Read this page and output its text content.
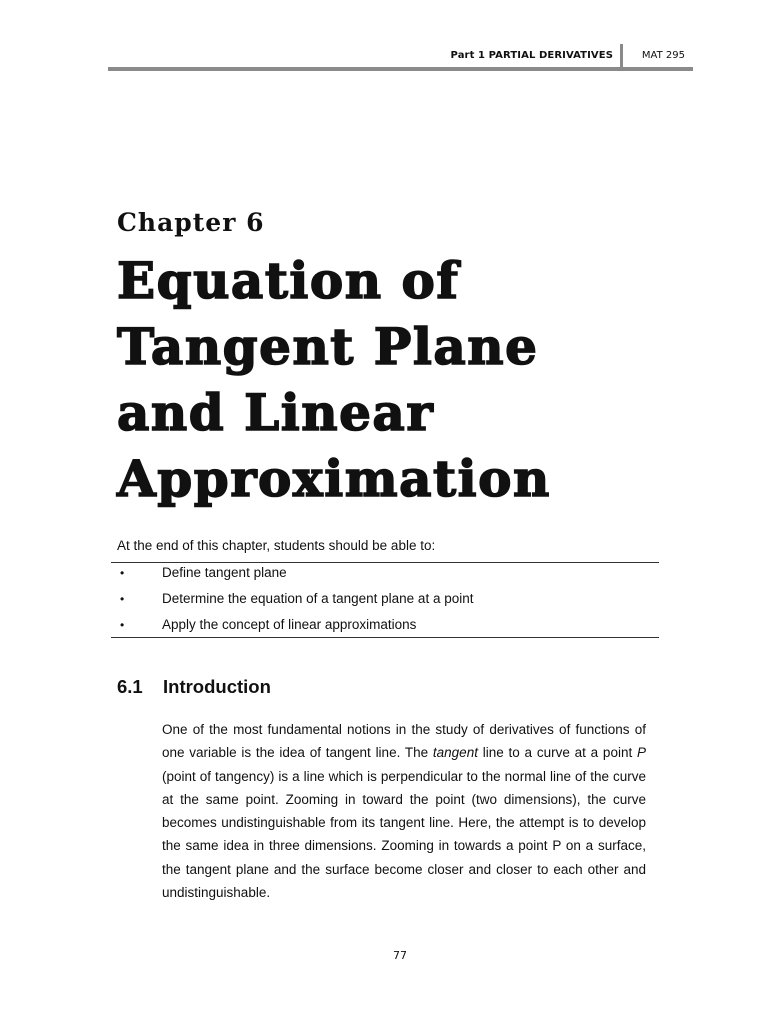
Part 1 PARTIAL DERIVATIVES	MAT 295
Chapter 6
Equation of
Tangent Plane
and Linear
Approximation
At the end of this chapter, students should be able to:
•	Define tangent plane
•	Determine the equation of a tangent plane at a point
•	Apply the concept of linear approximations
6.1 Introduction

One of the most fundamental notions in the study of derivatives of functions of one variable is the idea of tangent line. The tangent line to a curve at a point P (point of tangency) is a line which is perpendicular to the normal line of the curve at the same point. Zooming in toward the point (two dimensions), the curve becomes undistinguishable from its tangent line. Here, the attempt is to develop the same idea in three dimensions. Zooming in towards a point P on a surface, the tangent plane and the surface become closer and closer to each other and undistinguishable.

77
